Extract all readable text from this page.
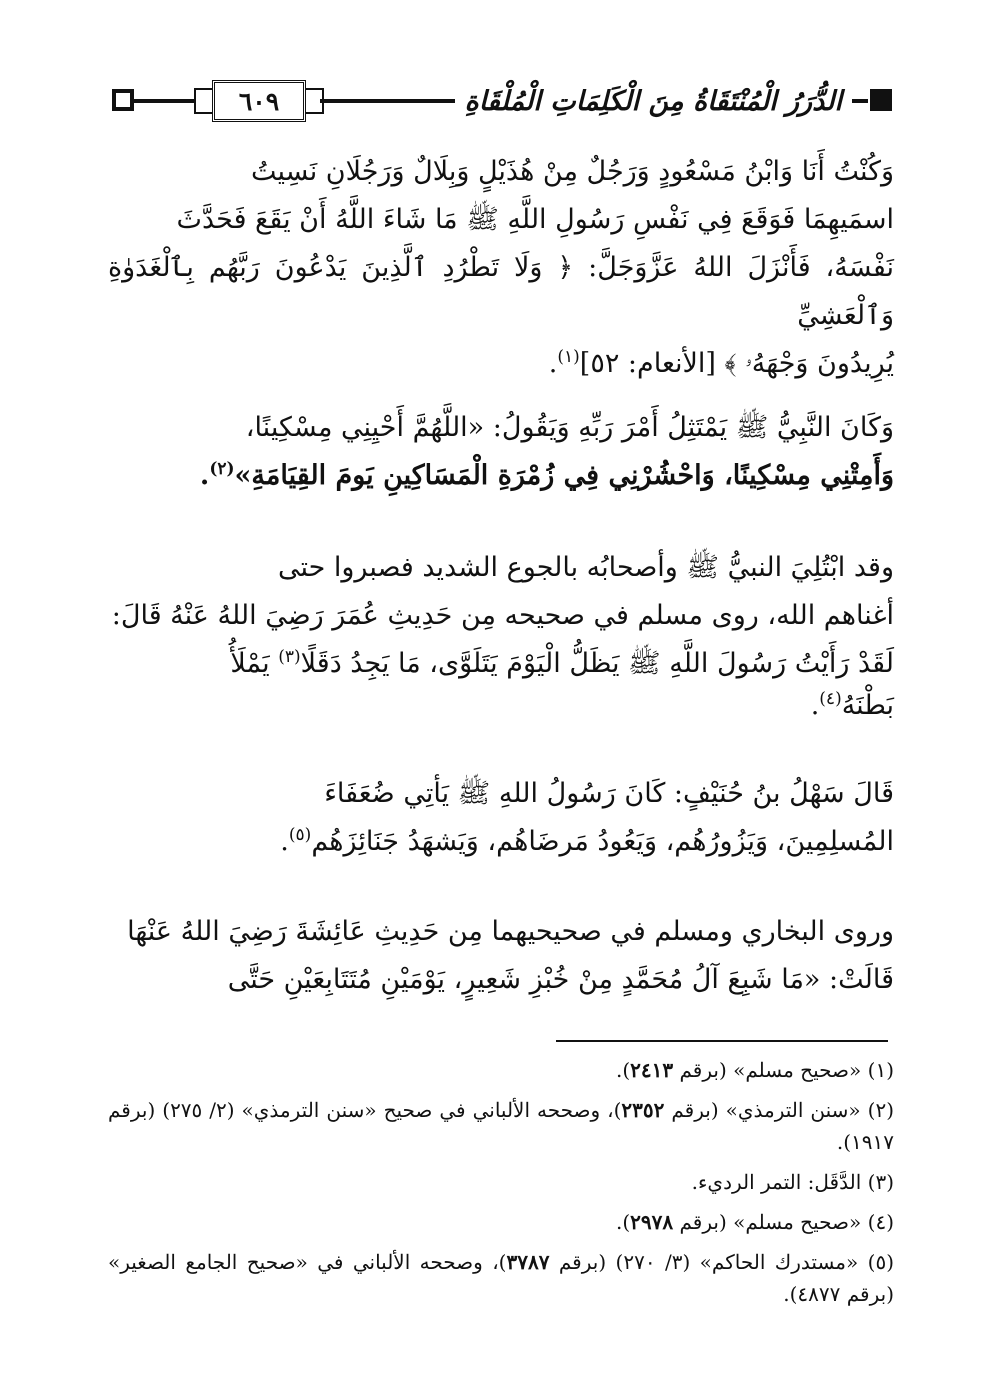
٦٠٩	الدُّرَرُ الْمُنْتَقَاةُ مِنَ الْكَلِمَاتِ الْمُلْقَاةِ
وَكُنْتُ أَنَا وَابْنُ مَسْعُودٍ وَرَجُلٌ مِنْ هُذَيْلٍ وَبِلَالٌ وَرَجُلَانِ نَسِيتُ
اسمَيهِمَا فَوَقَعَ فِي نَفْسِ رَسُولِ اللَّهِ ﷺ مَا شَاءَ اللَّهُ أَنْ يَقَعَ فَحَدَّثَ
نَفْسَهُ، فَأَنْزَلَ اللهُ عَزَّوَجَلَّ: ﴿ وَلَا تَطْرُدِ ٱلَّذِينَ يَدْعُونَ رَبَّهُم بِٱلْغَدَوٰةِ وَٱلْعَشِيِّ
يُرِيدُونَ وَجْهَهُۥ ﴾ [الأنعام: ٥٢]$^{(١)}$.
وَكَانَ النَّبِيُّ ﷺ يَمْتَثِلُ أَمْرَ رَبِّهِ وَيَقُولُ: «اللَّهُمَّ أَحْيِنِي مِسْكِينًا،
وَأَمِتْنِي مِسْكِينًا، وَاحْشُرْنِي فِي زُمْرَةِ الْمَسَاكِينِ يَومَ القِيَامَةِ»$^{(٢)}$.
وقد ابْتُلِيَ النبيُّ ﷺ وأصحابُه بالجوع الشديد فصبروا حتى
أغناهم الله، روى مسلم في صحيحه مِن حَدِيثِ عُمَرَ رَضِيَ اللهُ عَنْهُ قَالَ:
لَقَدْ رَأَيْتُ رَسُولَ اللَّهِ ﷺ يَظَلُّ الْيَوْمَ يَتَلَوَّى، مَا يَجِدُ دَقَلًا$^{(٣)}$ يَمْلَأُ
بَطْنَهُ$^{(٤)}$.
قَالَ سَهْلُ بنُ حُنَيْفٍ: كَانَ رَسُولُ اللهِ ﷺ يَأتِي ضُعَفَاءَ
المُسلِمِينَ، وَيَزُورُهُم، وَيَعُودُ مَرضَاهُم، وَيَشهَدُ جَنَائِزَهُم$^{(٥)}$.
وروى البخاري ومسلم في صحيحيهما مِن حَدِيثِ عَائِشَةَ رَضِيَ اللهُ عَنْهَا
قَالَتْ: «مَا شَبِعَ آلُ مُحَمَّدٍ مِنْ خُبْزِ شَعِيرٍ، يَوْمَيْنِ مُتَتَابِعَيْنِ حَتَّى
(١) «صحيح مسلم» (برقم ٢٤١٣).
(٢) «سنن الترمذي» (برقم ٢٣٥٢)، وصححه الألباني في صحيح «سنن الترمذي» (٢/ ٢٧٥) (برقم ١٩١٧).
(٣) الدَّقَل: التمر الرديء.
(٤) «صحيح مسلم» (برقم ٢٩٧٨).
(٥) «مستدرك الحاكم» (٣/ ٢٧٠) (برقم ٣٧٨٧)، وصححه الألباني في «صحيح الجامع الصغير» (برقم ٤٨٧٧).
